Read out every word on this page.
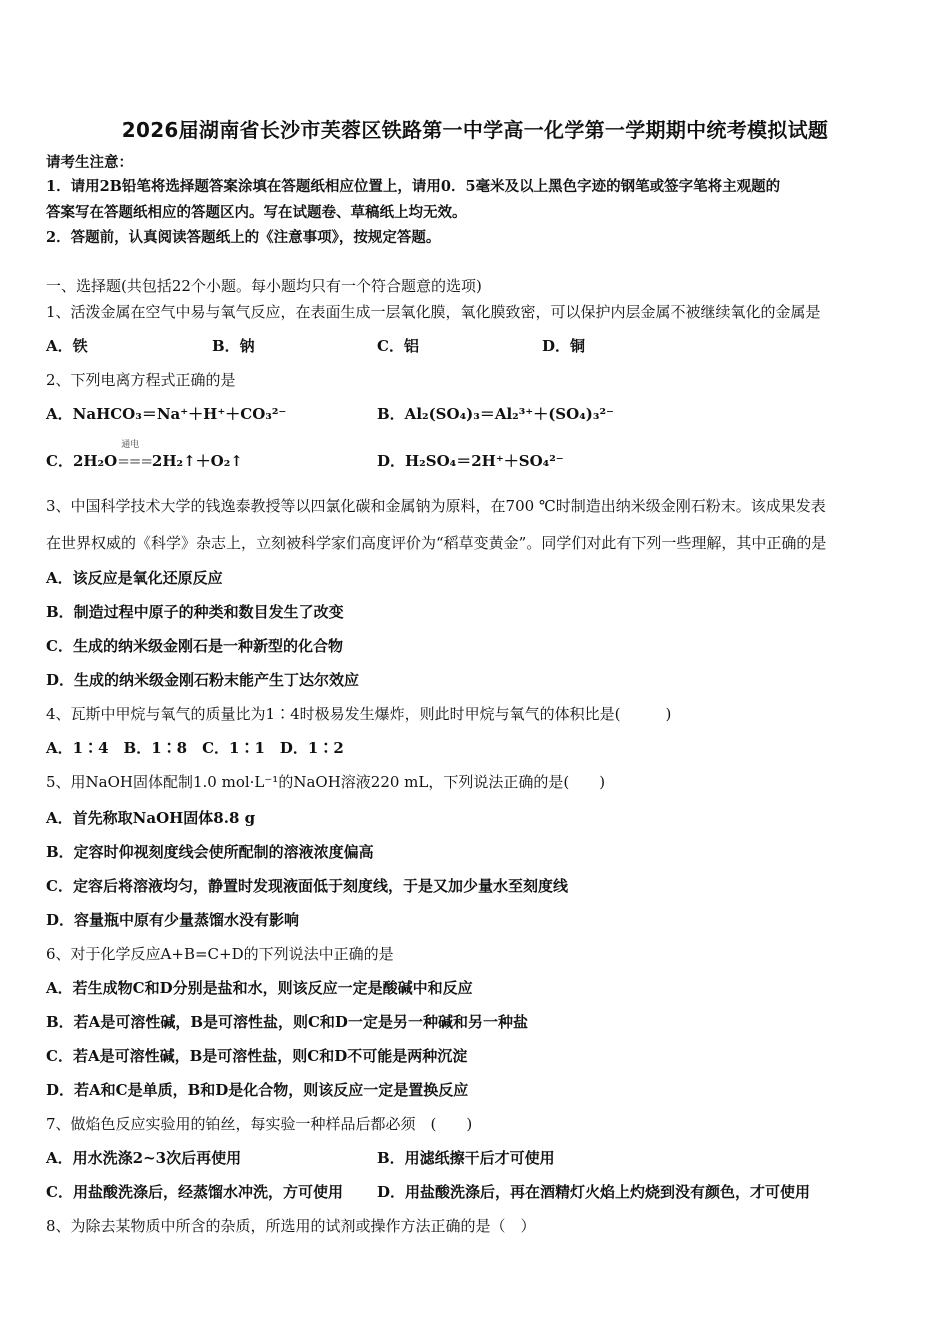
2026届湖南省长沙市芙蓉区铁路第一中学高一化学第一学期期中统考模拟试题
请考生注意：
1．请用2B铅笔将选择题答案涂填在答题纸相应位置上，请用0．5毫米及以上黑色字迹的钢笔或签字笔将主观题的
答案写在答题纸相应的答题区内。写在试题卷、草稿纸上均无效。
2．答题前，认真阅读答题纸上的《注意事项》，按规定答题。
一、选择题(共包括22个小题。每小题均只有一个符合题意的选项)
1、活泼金属在空气中易与氧气反应，在表面生成一层氧化膜，氧化膜致密，可以保护内层金属不被继续氧化的金属是
A．铁	B．钠	C．铝	D．铜
2、下列电离方程式正确的是
A．NaHCO₃＝Na⁺＋H⁺＋CO₃²⁻	B．Al₂(SO₄)₃＝Al₂³⁺＋(SO₄)₃²⁻
C．2H₂O
通电
===2H₂↑＋O₂↑	D．H₂SO₄＝2H⁺＋SO₄²⁻
3、中国科学技术大学的钱逸泰教授等以四氯化碳和金属钠为原料，在700 ℃时制造出纳米级金刚石粉末。该成果发表
在世界权威的《科学》杂志上，立刻被科学家们高度评价为“稻草变黄金”。同学们对此有下列一些理解，其中正确的是
A．该反应是氧化还原反应
B．制造过程中原子的种类和数目发生了改变
C．生成的纳米级金刚石是一种新型的化合物
D．生成的纳米级金刚石粉末能产生丁达尔效应
4、瓦斯中甲烷与氧气的质量比为1∶4时极易发生爆炸，则此时甲烷与氧气的体积比是(　　　)
A．1∶4　B．1∶8　C．1∶1　D．1∶2
5、用NaOH固体配制1.0 mol·L⁻¹的NaOH溶液220 mL，下列说法正确的是(　　)
A．首先称取NaOH固体8.8 g
B．定容时仰视刻度线会使所配制的溶液浓度偏高
C．定容后将溶液均匀，静置时发现液面低于刻度线，于是又加少量水至刻度线
D．容量瓶中原有少量蒸馏水没有影响
6、对于化学反应A+B=C+D的下列说法中正确的是
A．若生成物C和D分别是盐和水，则该反应一定是酸碱中和反应
B．若A是可溶性碱，B是可溶性盐，则C和D一定是另一种碱和另一种盐
C．若A是可溶性碱，B是可溶性盐，则C和D不可能是两种沉淀
D．若A和C是单质，B和D是化合物，则该反应一定是置换反应
7、做焰色反应实验用的铂丝，每实验一种样品后都必须　(　　)
A．用水洗涤2~3次后再使用	B．用滤纸擦干后才可使用
C．用盐酸洗涤后，经蒸馏水冲洗，方可使用 D．用盐酸洗涤后，再在酒精灯火焰上灼烧到没有颜色，才可使用
8、为除去某物质中所含的杂质，所选用的试剂或操作方法正确的是（　）
